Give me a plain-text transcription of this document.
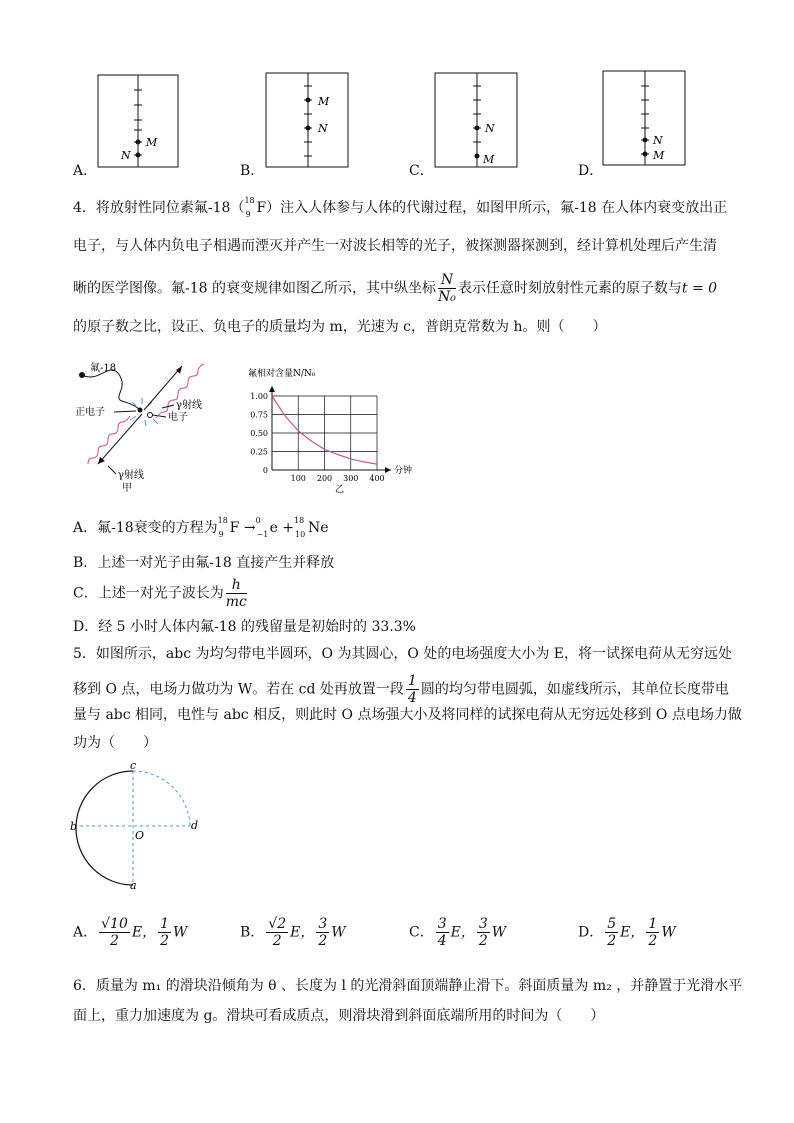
A．
M
N
B．
M
N
C．
N
M
D．
N
M
4．将放射性同位素氟-18（ 18
9 F）注入人体参与人体的代谢过程，如图甲所示，氟-18 在人体内衰变放出正
电子，与人体内负电子相遇而湮灭并产生一对波长相等的光子，被探测器探测到，经计算机处理后产生清
晰的医学图像。氟-18 的衰变规律如图乙所示，其中纵坐标 $\frac{N}{\text{N₀}}$ 表示任意时刻放射性元素的原子数与t = 0
的原子数之比，设正、负电子的质量均为 m，光速为 c，普朗克常数为 h。则（　　）
氟-18
正电子	电子
γ射线
γ射线
甲
氟相对含量N/N₀
0
0.25
0.50
0.75
1.00
100 200 300 400
分钟
乙
A．氟-18衰变的方程为 18
9 F → 0
−1 e + 18
10 Ne
B．上述一对光子由氟-18 直接产生并释放
C．上述一对光子波长为 $\frac{h}{mc}$
D．经 5 小时人体内氟-18 的残留量是初始时的 33.3%
5．如图所示，abc 为均匀带电半圆环，O 为其圆心，O 处的电场强度大小为 E，将一试探电荷从无穷远处
移到 O 点，电场力做功为 W。若在 cd 处再放置一段 $\frac{1}{4}$ 圆的均匀带电圆弧，如虚线所示，其单位长度带电
量与 abc 相同，电性与 abc 相反，则此时 O 点场强大小及将同样的试探电荷从无穷远处移到 O 点电场力做
功为（　　）
c
b
O
d
a
A． $\frac{√10}{2}$ E， $\frac{1}{2}$ W	B． $\frac{√2}{2}$ E， $\frac{3}{2}$ W	C． $\frac{3}{4}$ E， $\frac{3}{2}$ W	D． $\frac{5}{2}$ E， $\frac{1}{2}$ W
6．质量为 m₁ 的滑块沿倾角为 θ 、长度为 l 的光滑斜面顶端静止滑下。斜面质量为 m₂ ，并静置于光滑水平
面上，重力加速度为 g。滑块可看成质点，则滑块滑到斜面底端所用的时间为（　　）
